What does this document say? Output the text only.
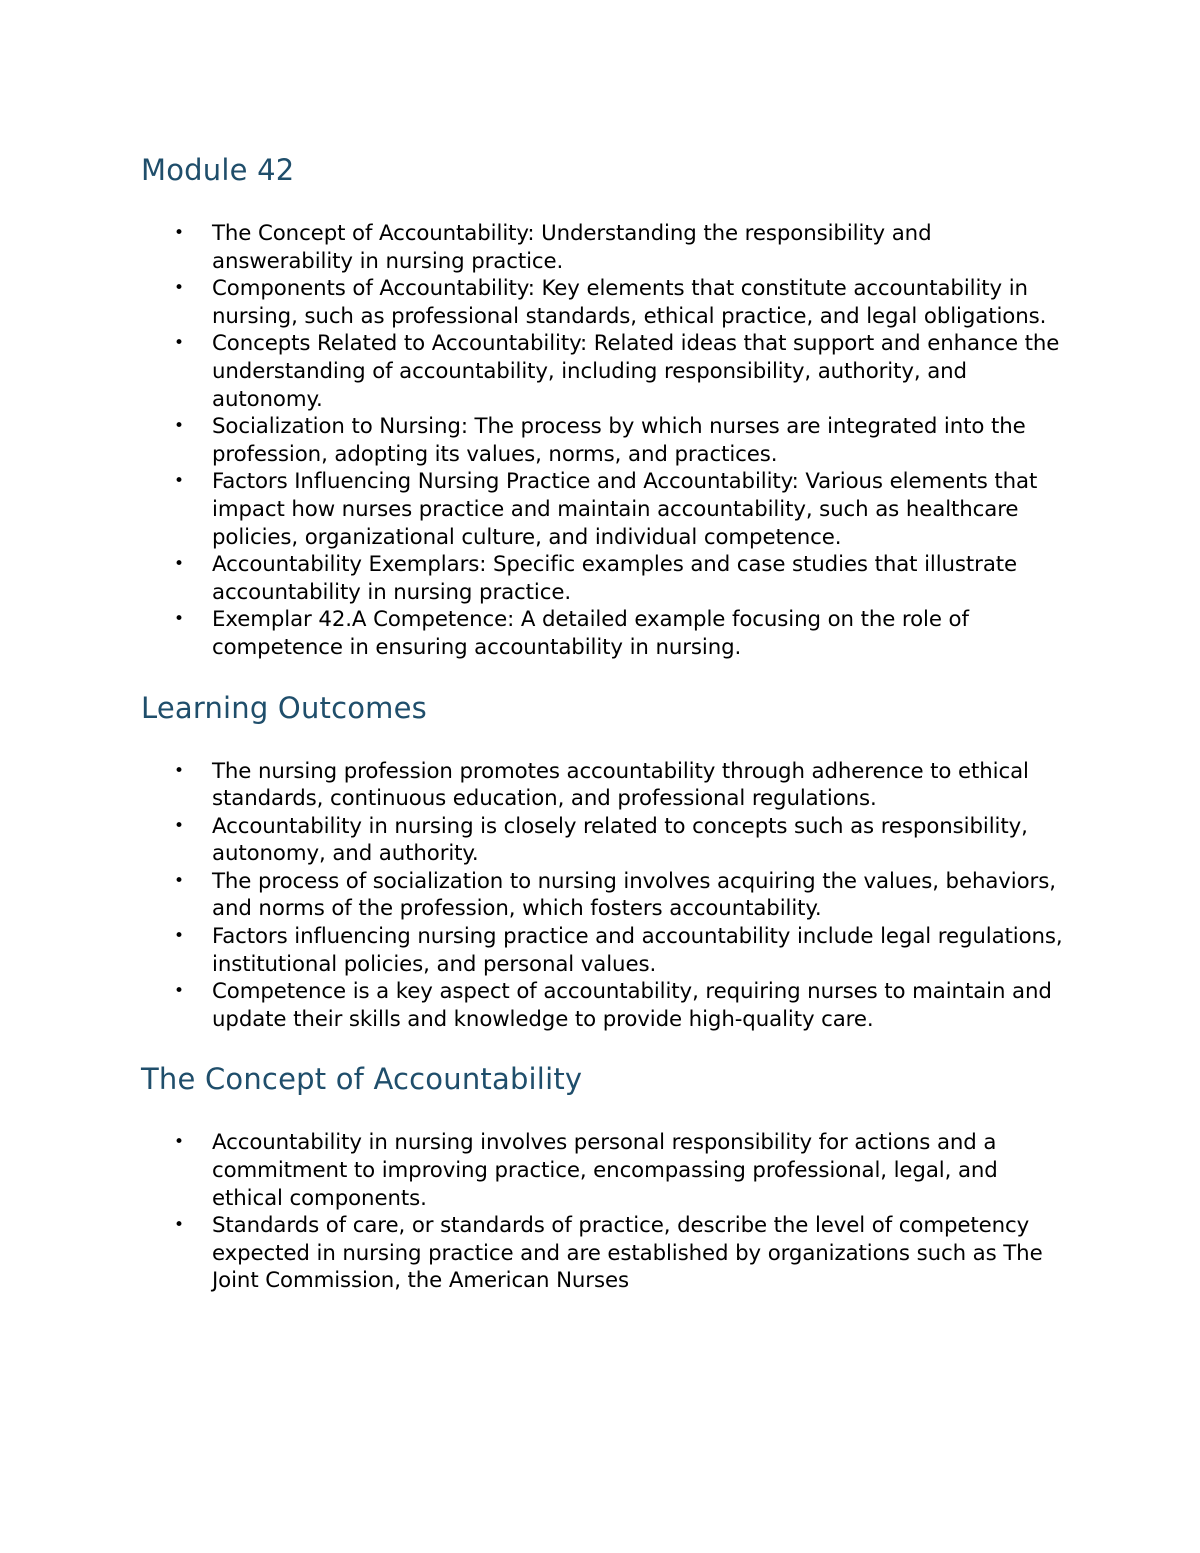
Module 42
• The Concept of Accountability: Understanding the responsibility and answerability in nursing practice.
• Components of Accountability: Key elements that constitute accountability in nursing, such as professional standards, ethical practice, and legal obligations.
• Concepts Related to Accountability: Related ideas that support and enhance the understanding of accountability, including responsibility, authority, and autonomy.
• Socialization to Nursing: The process by which nurses are integrated into the profession, adopting its values, norms, and practices.
• Factors Influencing Nursing Practice and Accountability: Various elements that impact how nurses practice and maintain accountability, such as healthcare policies, organizational culture, and individual competence.
• Accountability Exemplars: Specific examples and case studies that illustrate accountability in nursing practice.
• Exemplar 42.A Competence: A detailed example focusing on the role of competence in ensuring accountability in nursing.
Learning Outcomes
• The nursing profession promotes accountability through adherence to ethical standards, continuous education, and professional regulations.
• Accountability in nursing is closely related to concepts such as responsibility, autonomy, and authority.
• The process of socialization to nursing involves acquiring the values, behaviors, and norms of the profession, which fosters accountability.
• Factors influencing nursing practice and accountability include legal regulations, institutional policies, and personal values.
• Competence is a key aspect of accountability, requiring nurses to maintain and update their skills and knowledge to provide high-quality care.
The Concept of Accountability
• Accountability in nursing involves personal responsibility for actions and a commitment to improving practice, encompassing professional, legal, and ethical components.
• Standards of care, or standards of practice, describe the level of competency expected in nursing practice and are established by organizations such as The Joint Commission, the American Nurses
